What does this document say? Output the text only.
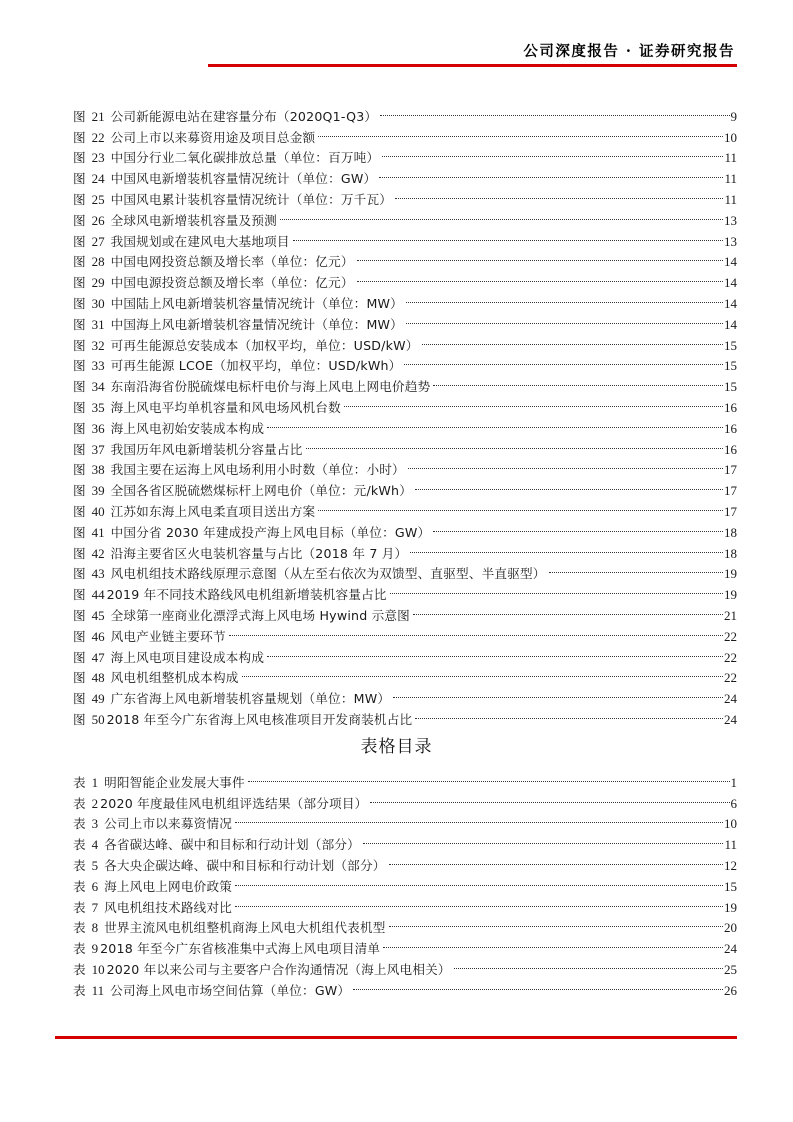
公司深度报告 · 证券研究报告
图 21 公司新能源电站在建容量分布（2020Q1-Q3）	9
图 22 公司上市以来募资用途及项目总金额	10
图 23 中国分行业二氧化碳排放总量（单位：百万吨）	11
图 24 中国风电新增装机容量情况统计（单位：GW）	11
图 25 中国风电累计装机容量情况统计（单位：万千瓦）	11
图 26 全球风电新增装机容量及预测	13
图 27 我国规划或在建风电大基地项目	13
图 28 中国电网投资总额及增长率（单位：亿元）	14
图 29 中国电源投资总额及增长率（单位：亿元）	14
图 30 中国陆上风电新增装机容量情况统计（单位：MW）	14
图 31 中国海上风电新增装机容量情况统计（单位：MW）	14
图 32 可再生能源总安装成本（加权平均，单位：USD/kW）	15
图 33 可再生能源 LCOE（加权平均，单位：USD/kWh）	15
图 34 东南沿海省份脱硫煤电标杆电价与海上风电上网电价趋势	15
图 35 海上风电平均单机容量和风电场风机台数	16
图 36 海上风电初始安装成本构成	16
图 37 我国历年风电新增装机分容量占比	16
图 38 我国主要在运海上风电场利用小时数（单位：小时）	17
图 39 全国各省区脱硫燃煤标杆上网电价（单位：元/kWh）	17
图 40 江苏如东海上风电柔直项目送出方案	17
图 41 中国分省 2030 年建成投产海上风电目标（单位：GW）	18
图 42 沿海主要省区火电装机容量与占比（2018 年 7 月）	18
图 43 风电机组技术路线原理示意图（从左至右依次为双馈型、直驱型、半直驱型）	19
图 44 2019 年不同技术路线风电机组新增装机容量占比	19
图 45 全球第一座商业化漂浮式海上风电场 Hywind 示意图	21
图 46 风电产业链主要环节	22
图 47 海上风电项目建设成本构成	22
图 48 风电机组整机成本构成	22
图 49 广东省海上风电新增装机容量规划（单位：MW）	24
图 50 2018 年至今广东省海上风电核准项目开发商装机占比	24
表格目录
表 1 明阳智能企业发展大事件	1
表 2 2020 年度最佳风电机组评选结果（部分项目）	6
表 3 公司上市以来募资情况	10
表 4 各省碳达峰、碳中和目标和行动计划（部分）	11
表 5 各大央企碳达峰、碳中和目标和行动计划（部分）	12
表 6 海上风电上网电价政策	15
表 7 风电机组技术路线对比	19
表 8 世界主流风电机组整机商海上风电大机组代表机型	20
表 9 2018 年至今广东省核准集中式海上风电项目清单	24
表 10 2020 年以来公司与主要客户合作沟通情况（海上风电相关）	25
表 11 公司海上风电市场空间估算（单位：GW）	26
